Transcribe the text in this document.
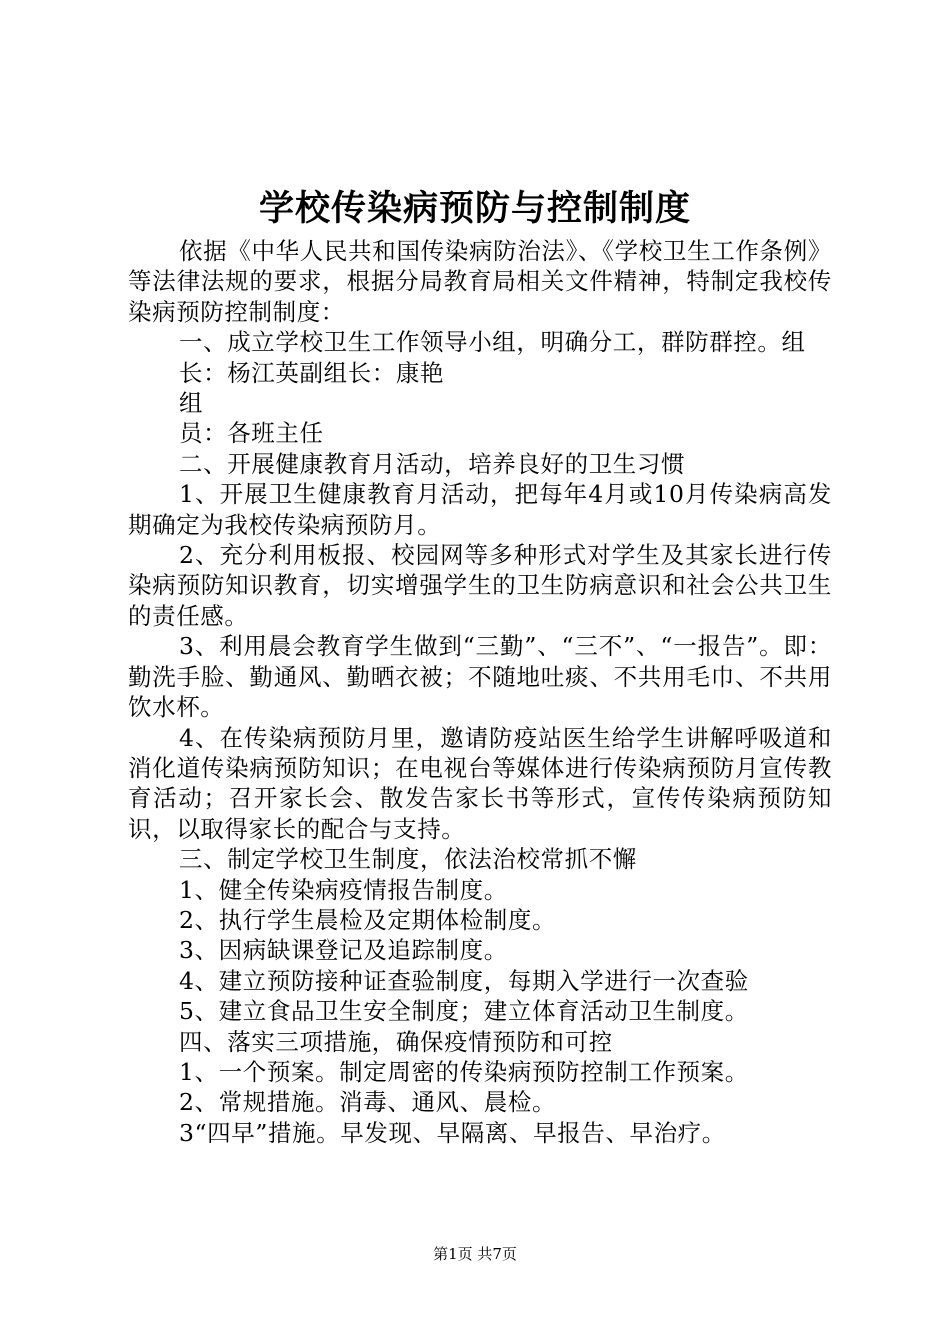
学校传染病预防与控制制度

依据《中华人民共和国传染病防治法》、《学校卫生工作条例》等法律法规的要求，根据分局教育局相关文件精神，特制定我校传染病预防控制制度：

一、成立学校卫生工作领导小组，明确分工，群防群控。组

长：杨江英副组长：康艳

组

员：各班主任

二、开展健康教育月活动，培养良好的卫生习惯

1、开展卫生健康教育月活动，把每年4月或10月传染病高发期确定为我校传染病预防月。

2、充分利用板报、校园网等多种形式对学生及其家长进行传染病预防知识教育，切实增强学生的卫生防病意识和社会公共卫生的责任感。

3、利用晨会教育学生做到“三勤”、“三不”、“一报告”。即：勤洗手脸、勤通风、勤晒衣被；不随地吐痰、不共用毛巾、不共用饮水杯。

4、在传染病预防月里，邀请防疫站医生给学生讲解呼吸道和消化道传染病预防知识；在电视台等媒体进行传染病预防月宣传教育活动；召开家长会、散发告家长书等形式，宣传传染病预防知识，以取得家长的配合与支持。

三、制定学校卫生制度，依法治校常抓不懈

1、健全传染病疫情报告制度。

2、执行学生晨检及定期体检制度。

3、因病缺课登记及追踪制度。

4、建立预防接种证查验制度，每期入学进行一次查验

5、建立食品卫生安全制度；建立体育活动卫生制度。

四、落实三项措施，确保疫情预防和可控

1、一个预案。制定周密的传染病预防控制工作预案。

2、常规措施。消毒、通风、晨检。

3“四早”措施。早发现、早隔离、早报告、早治疗。

第1页 共7页
